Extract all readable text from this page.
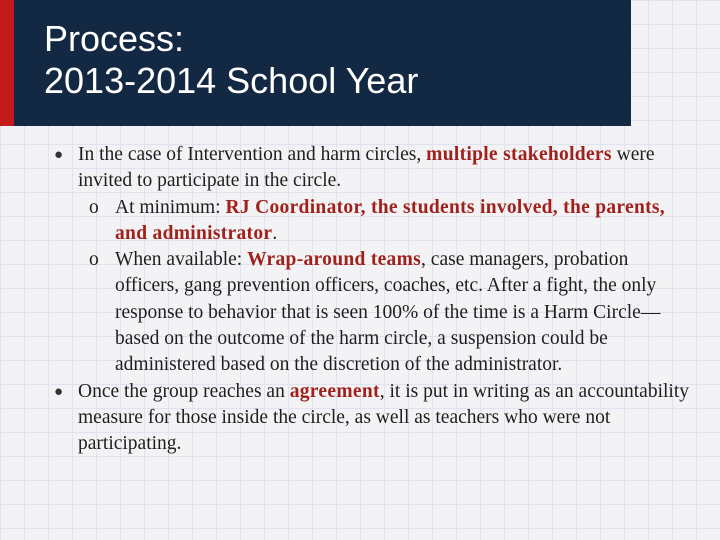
Process:
2013-2014 School Year

● In the case of Intervention and harm circles, multiple stakeholders were invited to participate in the circle.

o At minimum: RJ Coordinator, the students involved, the parents, and administrator.
o When available: Wrap-around teams, case managers, probation officers, gang prevention officers, coaches, etc. After a fight, the only response to behavior that is seen 100% of the time is a Harm Circle—based on the outcome of the harm circle, a suspension could be administered based on the discretion of the administrator.

● Once the group reaches an agreement, it is put in writing as an accountability measure for those inside the circle, as well as teachers who were not participating.
